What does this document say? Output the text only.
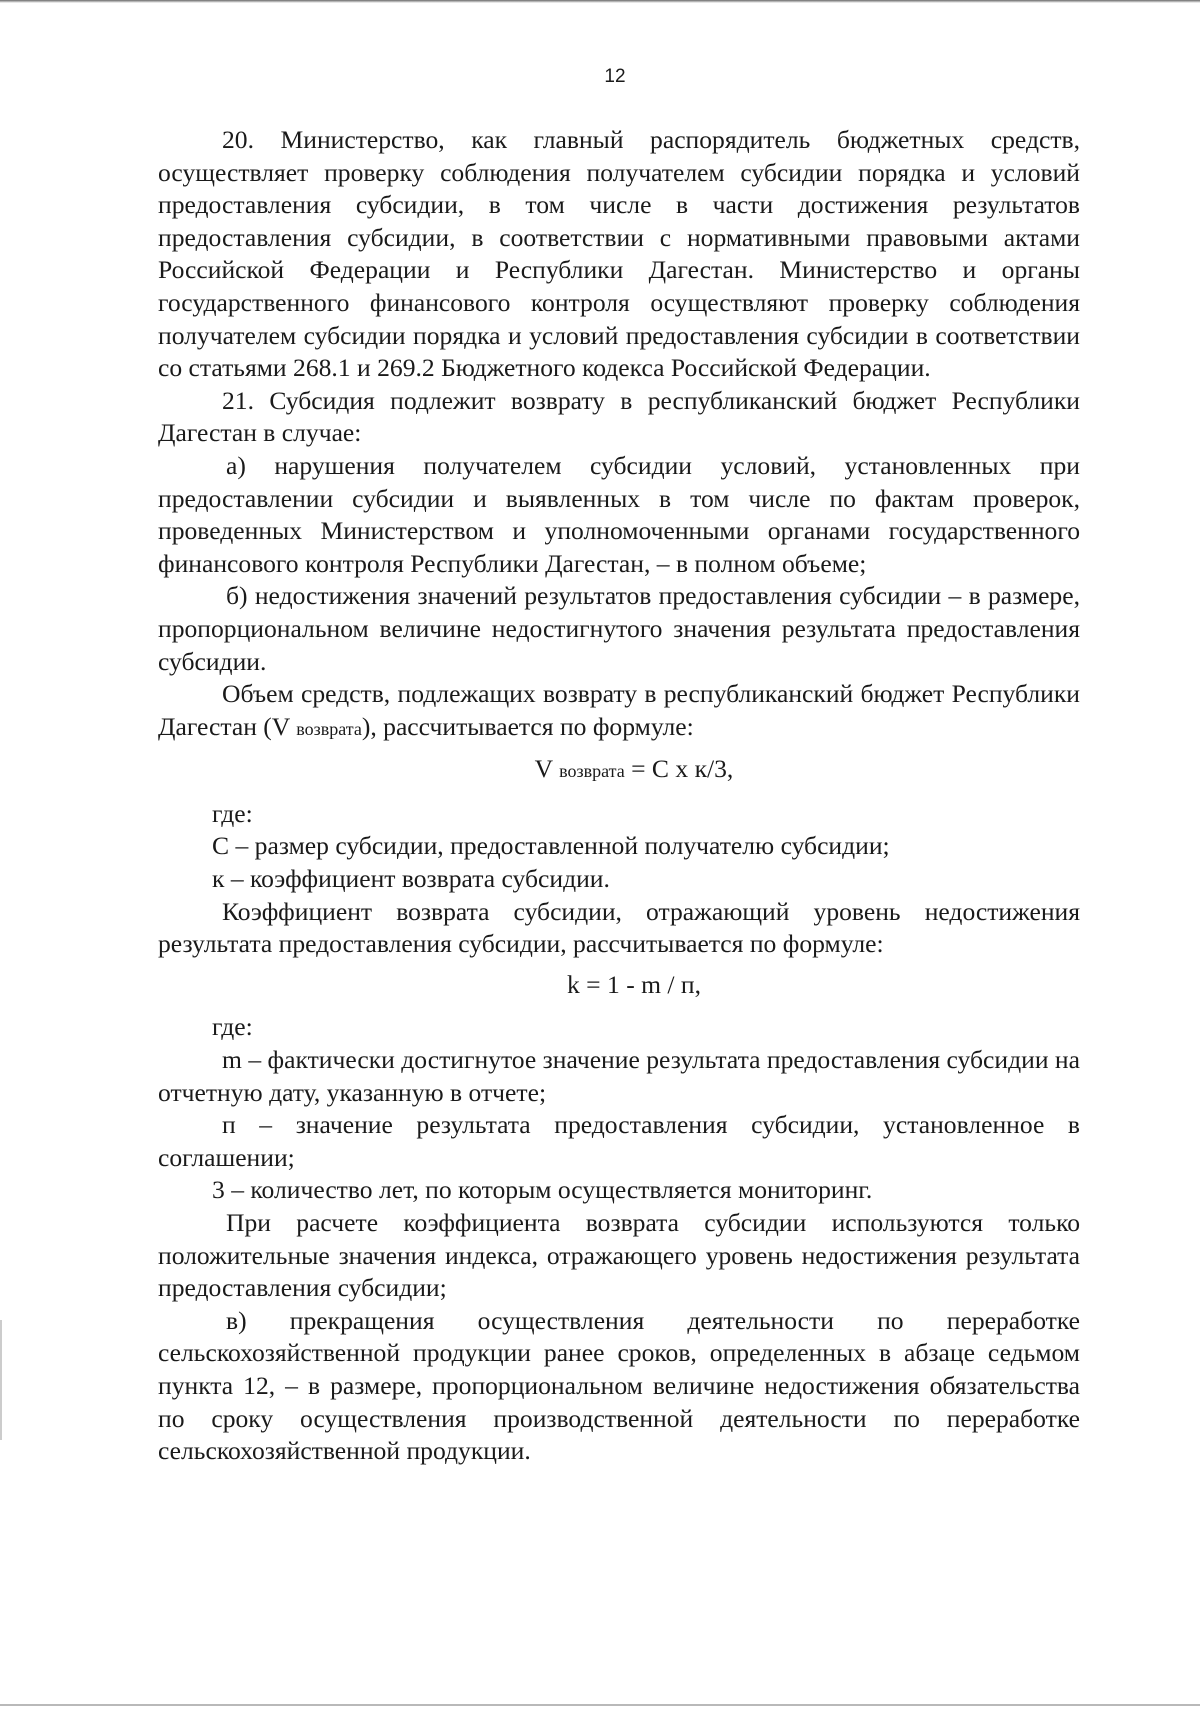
12

20. Министерство, как главный распорядитель бюджетных средств, осуществляет проверку соблюдения получателем субсидии порядка и условий предоставления субсидии, в том числе в части достижения результатов предоставления субсидии, в соответствии с нормативными правовыми актами Российской Федерации и Республики Дагестан. Министерство и органы государственного финансового контроля осуществляют проверку соблюдения получателем субсидии порядка и условий предоставления субсидии в соответствии со статьями 268.1 и 269.2 Бюджетного кодекса Российской Федерации.

21. Субсидия подлежит возврату в республиканский бюджет Республики Дагестан в случае:

а) нарушения получателем субсидии условий, установленных при предоставлении субсидии и выявленных в том числе по фактам проверок, проведенных Министерством и уполномоченными органами государственного финансового контроля Республики Дагестан, – в полном объеме;

б) недостижения значений результатов предоставления субсидии – в размере, пропорциональном величине недостигнутого значения результата предоставления субсидии.

Объем средств, подлежащих возврату в республиканский бюджет Республики Дагестан (V возврата), рассчитывается по формуле:

V возврата = С х к/3,

где:

С – размер субсидии, предоставленной получателю субсидии;

к – коэффициент возврата субсидии.

Коэффициент возврата субсидии, отражающий уровень недостижения результата предоставления субсидии, рассчитывается по формуле:

k = 1 - m / п,

где:

m – фактически достигнутое значение результата предоставления субсидии на отчетную дату, указанную в отчете;

п – значение результата предоставления субсидии, установленное в соглашении;

3 – количество лет, по которым осуществляется мониторинг.

При расчете коэффициента возврата субсидии используются только положительные значения индекса, отражающего уровень недостижения результата предоставления субсидии;

в) прекращения осуществления деятельности по переработке сельскохозяйственной продукции ранее сроков, определенных в абзаце седьмом пункта 12, – в размере, пропорциональном величине недостижения обязательства по сроку осуществления производственной деятельности по переработке сельскохозяйственной продукции.
